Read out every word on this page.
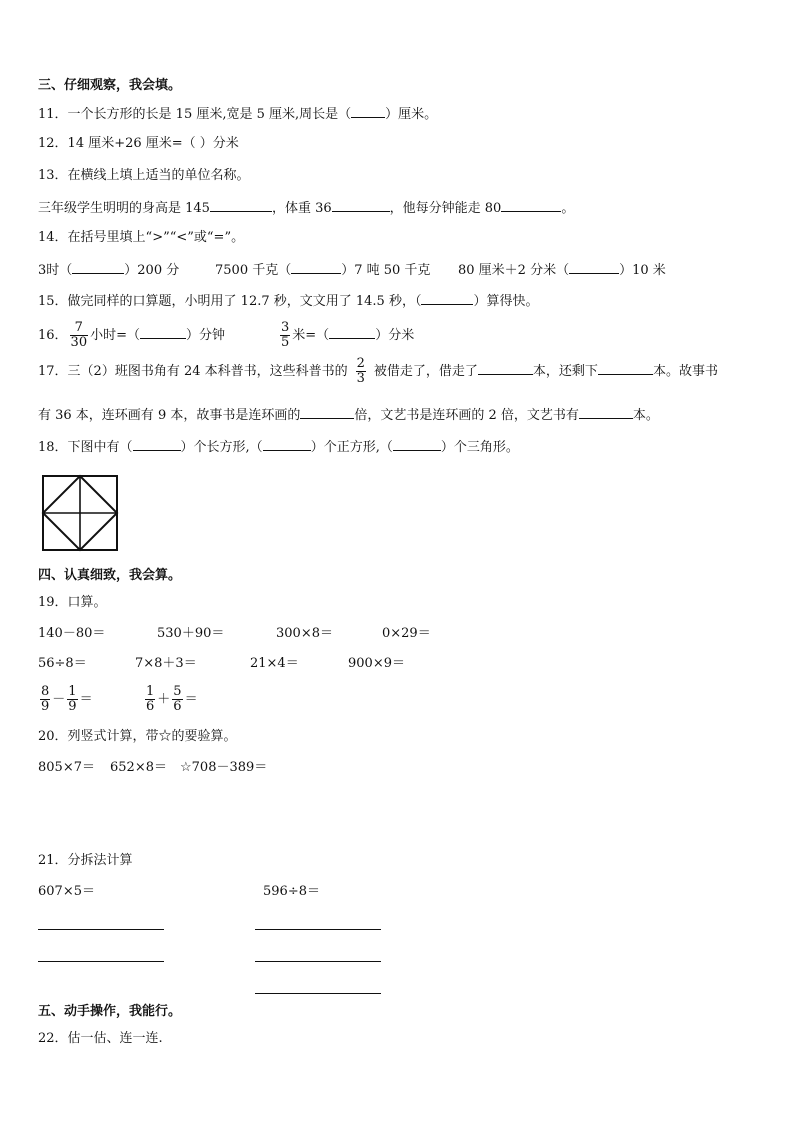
三、仔细观察，我会填。
11．一个长方形的长是 15 厘米,宽是 5 厘米,周长是（	）厘米。
12．14 厘米+26 厘米=（ ）分米
13．在横线上填上适当的单位名称。
三年级学生明明的身高是 145	，体重 36	，他每分钟能走 80	。
14．在括号里填上“>”“<”或“=”。
3时（	）200 分	7500 千克（	）7 吨 50 千克 80 厘米＋2 分米（	）10 米
15．做完同样的口算题，小明用了 12.7 秒，文文用了 14.5 秒，（	）算得快。
16． $\frac{7}{30}$ 小时=（	）分钟	$\frac{3}{5}$ 米=（	）分米
17．三（2）班图书角有 24 本科普书，这些科普书的 $\frac{2}{3}$ 被借走了，借走了	本，还剩下	本。故事书
有 36 本，连环画有 9 本，故事书是连环画的	倍，文艺书是连环画的 2 倍，文艺书有	本。
18．下图中有（	）个长方形,（	）个正方形,（	）个三角形。
四、认真细致，我会算。
19．口算。
140－80＝	530＋90＝	300×8＝	0×29＝
56÷8＝	7×8＋3＝	21×4＝	900×9＝
$\frac{8}{9} - \frac{1}{9}$ ＝	$\frac{1}{6} + \frac{5}{6}$ ＝
20．列竖式计算，带☆的要验算。
805×7＝ 652×8＝ ☆708－389＝
21．分拆法计算
607×5＝	596÷8＝
五、动手操作，我能行。
22．估一估、连一连.
